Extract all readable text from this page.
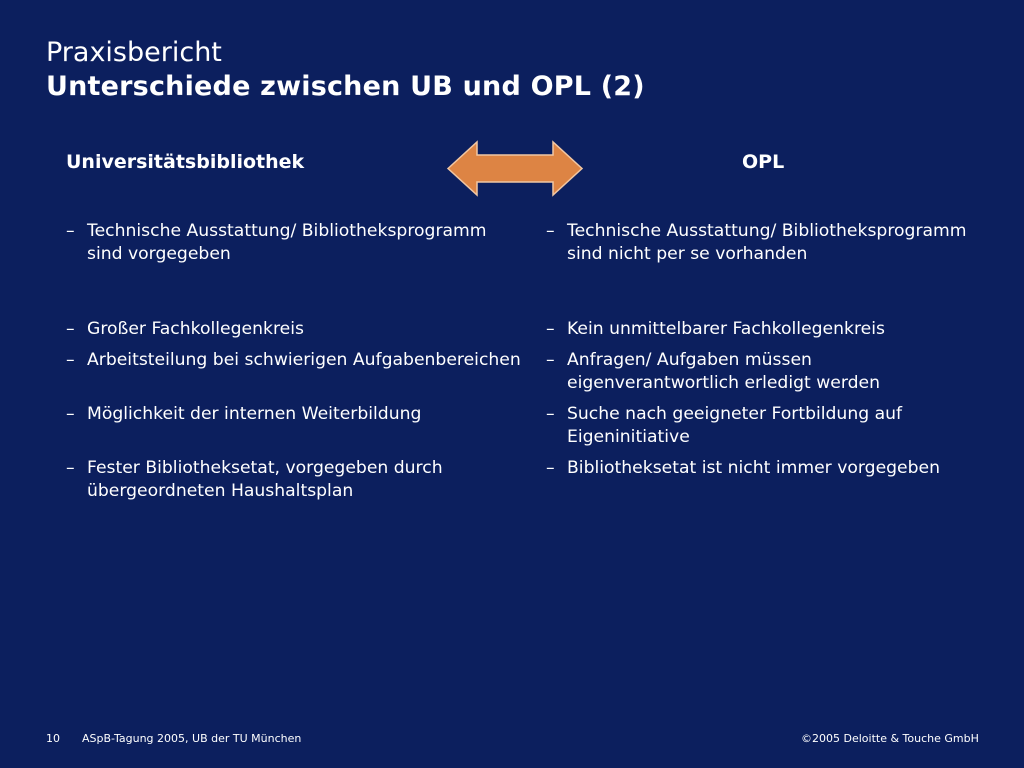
Praxisbericht
Unterschiede zwischen UB und OPL (2)
Universitätsbibliothek	OPL
– Technische Ausstattung/ Bibliotheksprogramm sind vorgegeben
– Großer Fachkollegenkreis
– Arbeitsteilung bei schwierigen Aufgabenbereichen
– Möglichkeit der internen Weiterbildung
– Fester Bibliotheksetat, vorgegeben durch übergeordneten Haushaltsplan
– Technische Ausstattung/ Bibliotheksprogramm sind nicht per se vorhanden
– Kein unmittelbarer Fachkollegenkreis
– Anfragen/ Aufgaben müssen eigenverantwortlich erledigt werden
– Suche nach geeigneter Fortbildung auf Eigeninitiative
– Bibliotheksetat ist nicht immer vorgegeben
10 ASpB-Tagung 2005, UB der TU München	©2005 Deloitte & Touche GmbH
